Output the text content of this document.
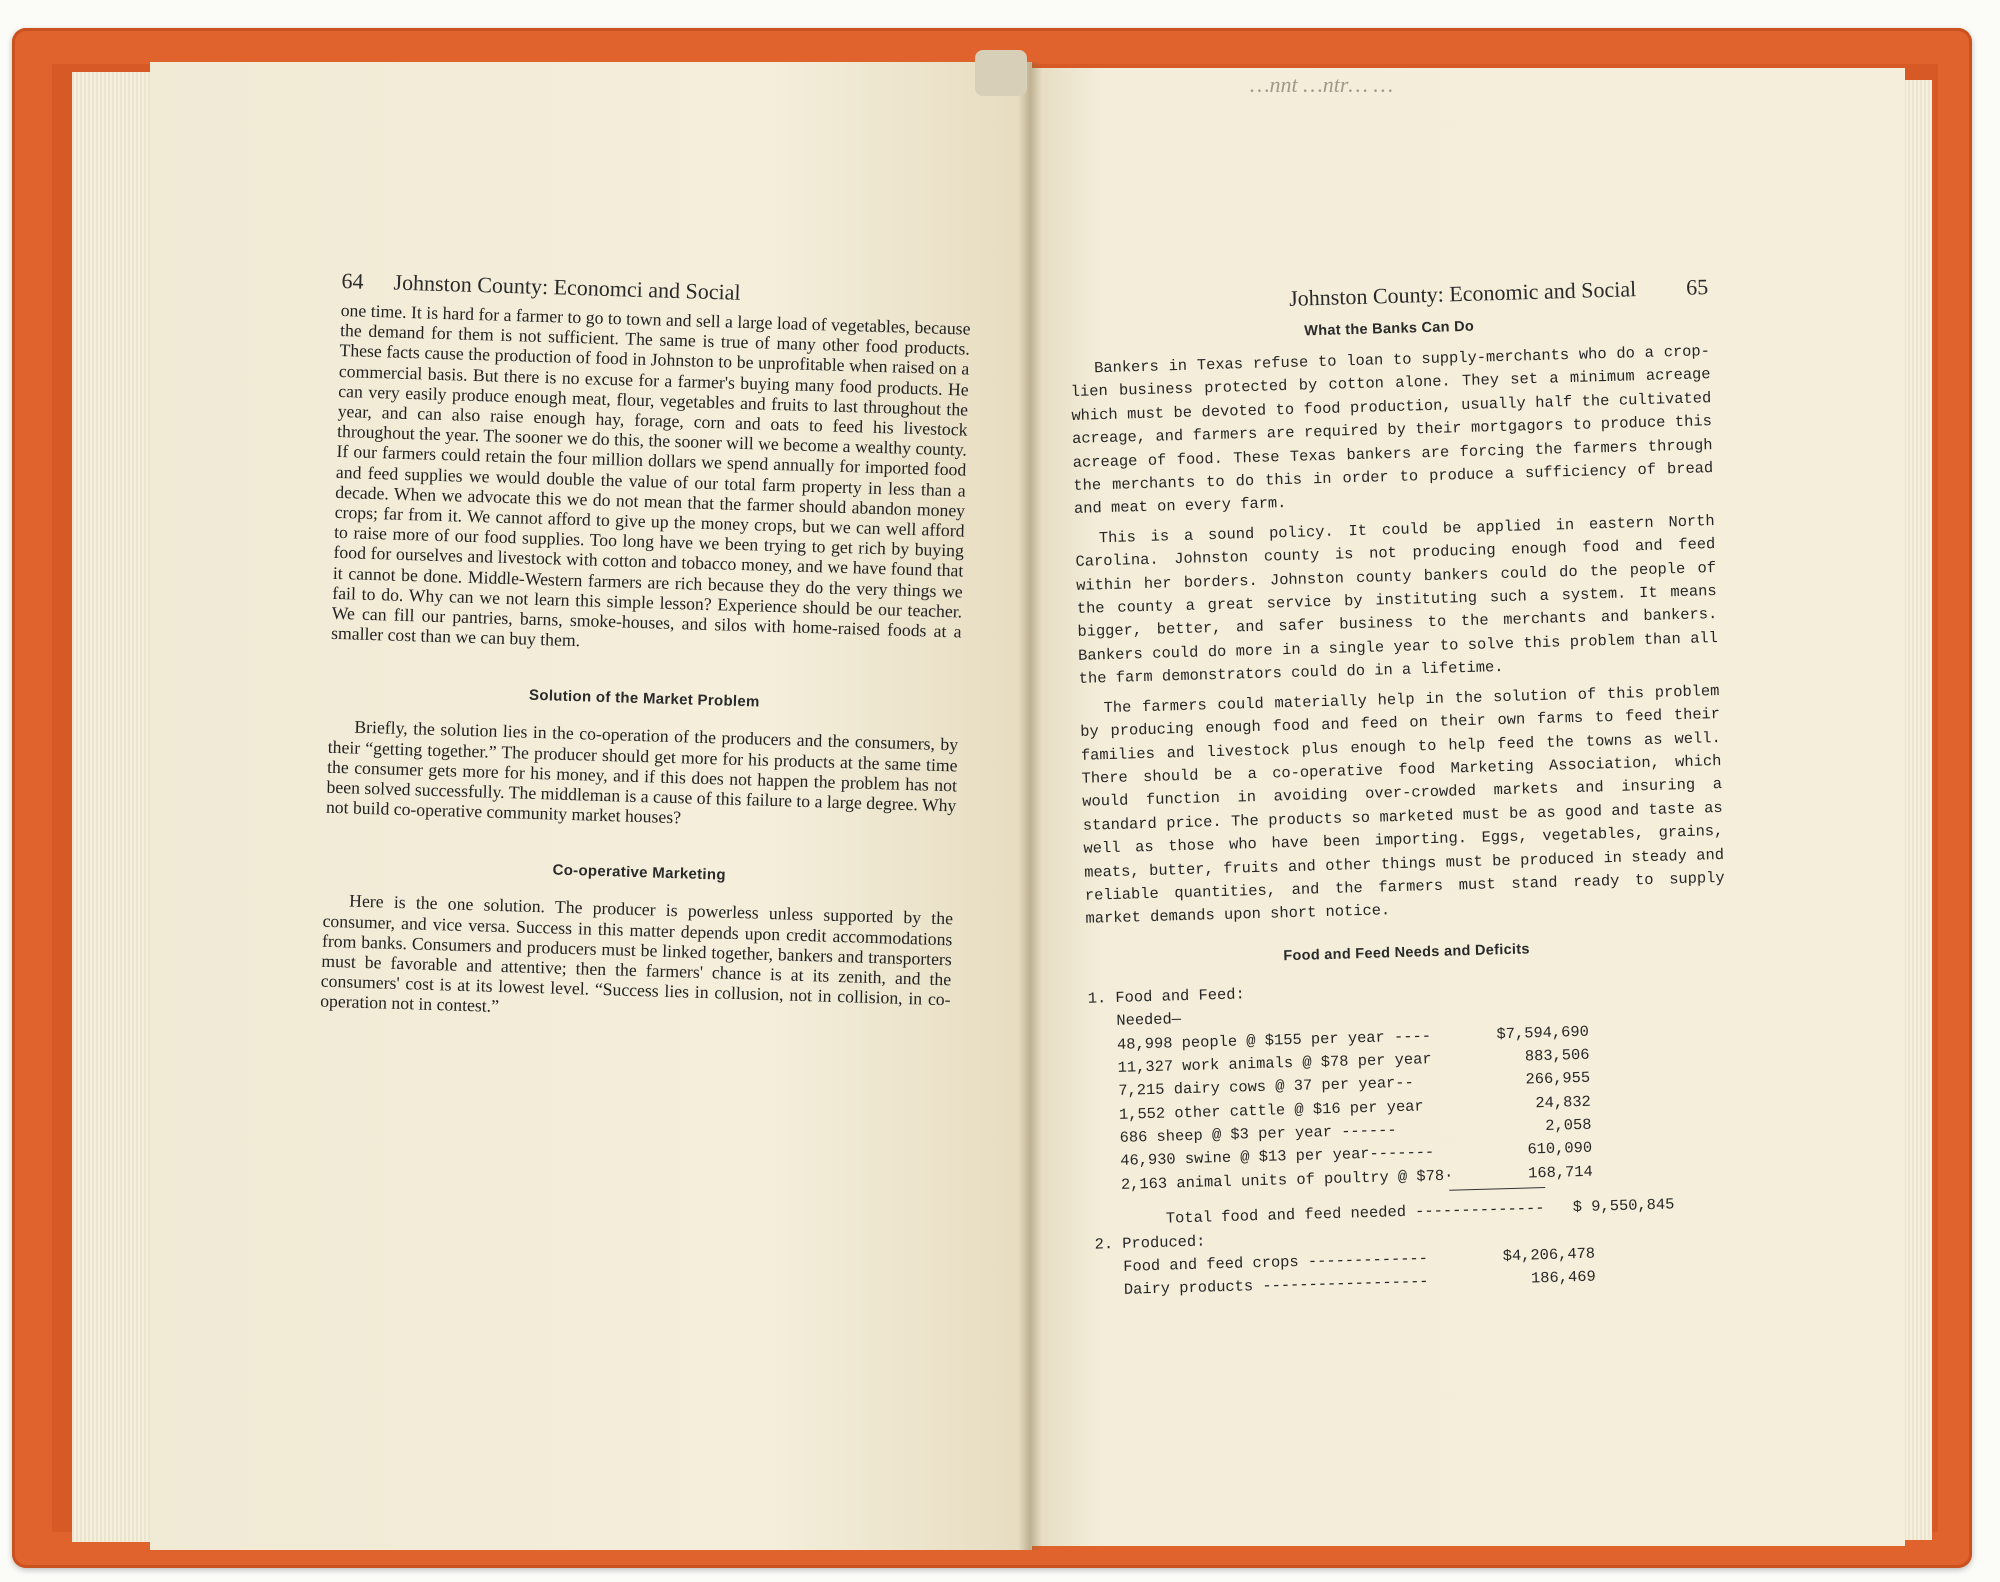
…nnt …ntr… …
64 Johnston County: Economci and Social

one time. It is hard for a farmer to go to town and sell a large load of vegetables, because the demand for them is not sufficient. The same is true of many other food products. These facts cause the production of food in Johnston to be unprofitable when raised on a commercial basis. But there is no excuse for a farmer's buying many food products. He can very easily produce enough meat, flour, vegetables and fruits to last throughout the year, and can also raise enough hay, forage, corn and oats to feed his livestock throughout the year. The sooner we do this, the sooner will we become a wealthy county. If our farmers could retain the four million dollars we spend annually for imported food and feed supplies we would double the value of our total farm property in less than a decade. When we advocate this we do not mean that the farmer should abandon money crops; far from it. We cannot afford to give up the money crops, but we can well afford to raise more of our food supplies. Too long have we been trying to get rich by buying food for ourselves and livestock with cotton and tobacco money, and we have found that it cannot be done. Middle-Western farmers are rich because they do the very things we fail to do. Why can we not learn this simple lesson? Experience should be our teacher. We can fill our pantries, barns, smoke-houses, and silos with home-raised foods at a smaller cost than we can buy them.

Solution of the Market Problem

Briefly, the solution lies in the co-operation of the producers and the consumers, by their “getting together.” The producer should get more for his products at the same time the consumer gets more for his money, and if this does not happen the problem has not been solved successfully. The middleman is a cause of this failure to a large degree. Why not build co-operative community market houses?

Co-operative Marketing

Here is the one solution. The producer is powerless unless supported by the consumer, and vice versa. Success in this matter depends upon credit accommodations from banks. Consumers and producers must be linked together, bankers and transporters must be favorable and attentive; then the farmers' chance is at its zenith, and the consumers' cost is at its lowest level. “Success lies in collusion, not in collision, in co-operation not in contest.”

Johnston County: Economic and Social 65
What the Banks Can Do

Bankers in Texas refuse to loan to supply-merchants who do a crop-lien business protected by cotton alone. They set a minimum acreage which must be devoted to food production, usually half the cultivated acreage, and farmers are required by their mortgagors to produce this acreage of food. These Texas bankers are forcing the farmers through the merchants to do this in order to produce a sufficiency of bread and meat on every farm.

This is a sound policy. It could be applied in eastern North Carolina. Johnston county is not producing enough food and feed within her borders. Johnston county bankers could do the people of the county a great service by instituting such a system. It means bigger, better, and safer business to the merchants and bankers. Bankers could do more in a single year to solve this problem than all the farm demonstrators could do in a lifetime.

The farmers could materially help in the solution of this problem by producing enough food and feed on their own farms to feed their families and livestock plus enough to help feed the towns as well. There should be a co-operative food Marketing Association, which would function in avoiding over-crowded markets and insuring a standard price. The products so marketed must be as good and taste as well as those who have been importing. Eggs, vegetables, grains, meats, butter, fruits and other things must be produced in steady and reliable quantities, and the farmers must stand ready to supply market demands upon short notice.

Food and Feed Needs and Deficits
1. Food and Feed:
Needed—
48,998 people @ $155 per year ----	$7,594,690
11,327 work animals @ $78 per year	883,506
7,215 dairy cows @ 37 per year--	266,955
1,552 other cattle @ $16 per year	24,832
686 sheep @ $3 per year ------	2,058
46,930 swine @ $13 per year-------	610,090
2,163 animal units of poultry @ $78·	168,714
Total food and feed needed --------------	$ 9,550,845
2. Produced:
Food and feed crops -------------	$4,206,478
Dairy products ------------------	186,469
